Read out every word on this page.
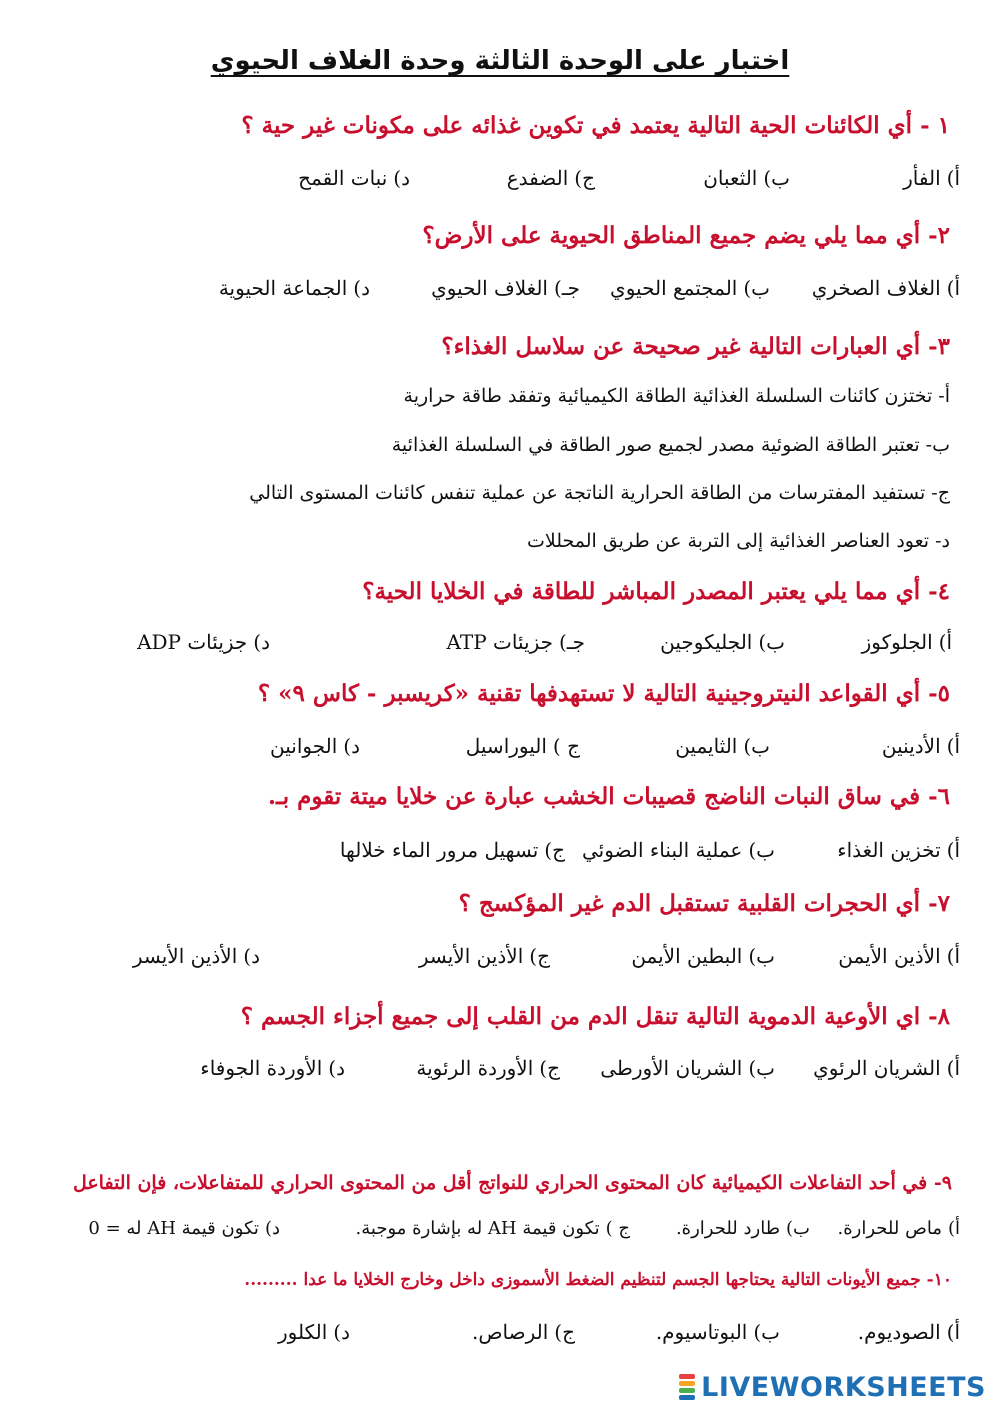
اختبار على الوحدة الثالثة وحدة الغلاف الحيوي

١ - أي الكائنات الحية التالية يعتمد في تكوين غذائه على مكونات غير حية ؟

أ)الفأر
ب)الثعبان
ج)الضفدع
د)نبات القمح

٢- أي مما يلي يضم جميع المناطق الحيوية على الأرض؟

أ)الغلاف الصخري
ب)المجتمع الحيوي
جـ)الغلاف الحيوي
د)الجماعة الحيوية

٣- أي العبارات التالية غير صحيحة عن سلاسل الغذاء؟

أ- تختزن كائنات السلسلة الغذائية الطاقة الكيميائية وتفقد طاقة حرارية
ب- تعتبر الطاقة الضوئية مصدر لجميع صور الطاقة في السلسلة الغذائية
ج- تستفيد المفترسات من الطاقة الحرارية الناتجة عن عملية تنفس كائنات المستوى التالي
د- تعود العناصر الغذائية إلى التربة عن طريق المحللات

٤- أي مما يلي يعتبر المصدر المباشر للطاقة في الخلايا الحية؟

أ)الجلوكوز
ب)الجليكوجين
جـ)جزيئات ATP
د)جزيئات ADP

٥- أي القواعد النيتروجينية التالية لا تستهدفها تقنية «كريسبر - كاس ٩» ؟

أ)الأدينين
ب)الثايمين
ج )اليوراسيل
د)الجوانين

٦- في ساق النبات الناضج قصيبات الخشب عبارة عن خلايا ميتة تقوم بـ.

أ)تخزين الغذاء
ب)عملية البناء الضوئي
ج)تسهيل مرور الماء خلالها

٧- أي الحجرات القلبية تستقبل الدم غير المؤكسج ؟

أ)الأذين الأيمن
ب)البطين الأيمن
ج)الأذين الأيسر
د)الأذين الأيسر

٨- اي الأوعية الدموية التالية تنقل الدم من القلب إلى جميع أجزاء الجسم ؟

أ)الشريان الرئوي
ب)الشريان الأورطى
ج)الأوردة الرئوية
د)الأوردة الجوفاء

٩- في أحد التفاعلات الكيميائية كان المحتوى الحراري للنواتج أقل من المحتوى الحراري للمتفاعلات، فإن التفاعل

أ)ماص للحرارة.
ب)طارد للحرارة.
ج )تكون قيمة AH له بإشارة موجبة.
د)تكون قيمة AH له = 0

١٠- جميع الأيونات التالية يحتاجها الجسم لتنظيم الضغط الأسموزى داخل وخارج الخلايا ما عدا .........

أ)الصوديوم.
ب)البوتاسيوم.
ج)الرصاص.
د)الكلور
LIVEWORKSHEETS
